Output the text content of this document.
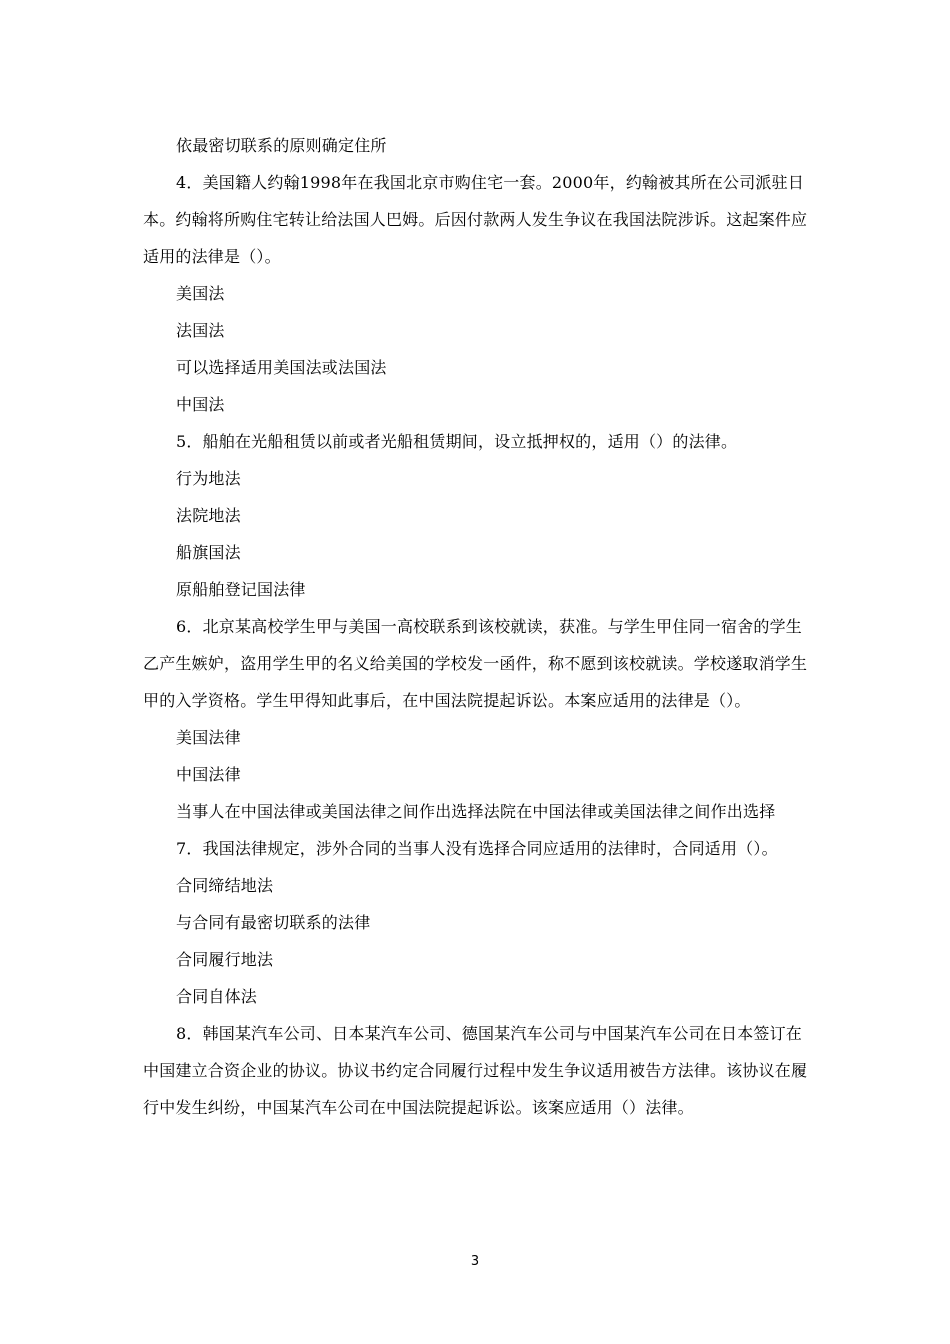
依最密切联系的原则确定住所

4．美国籍人约翰1998年在我国北京市购住宅一套。2000年，约翰被其所在公司派驻日本。约翰将所购住宅转让给法国人巴姆。后因付款两人发生争议在我国法院涉诉。这起案件应适用的法律是（）。

美国法

法国法

可以选择适用美国法或法国法

中国法

5．船舶在光船租赁以前或者光船租赁期间，设立抵押权的，适用（）的法律。

行为地法

法院地法

船旗国法

原船舶登记国法律

6．北京某高校学生甲与美国一高校联系到该校就读，获准。与学生甲住同一宿舍的学生乙产生嫉妒，盗用学生甲的名义给美国的学校发一函件，称不愿到该校就读。学校遂取消学生甲的入学资格。学生甲得知此事后，在中国法院提起诉讼。本案应适用的法律是（）。

美国法律

中国法律

当事人在中国法律或美国法律之间作出选择法院在中国法律或美国法律之间作出选择

7．我国法律规定，涉外合同的当事人没有选择合同应适用的法律时，合同适用（）。

合同缔结地法

与合同有最密切联系的法律

合同履行地法

合同自体法

8．韩国某汽车公司、日本某汽车公司、德国某汽车公司与中国某汽车公司在日本签订在中国建立合资企业的协议。协议书约定合同履行过程中发生争议适用被告方法律。该协议在履行中发生纠纷，中国某汽车公司在中国法院提起诉讼。该案应适用（）法律。

3
